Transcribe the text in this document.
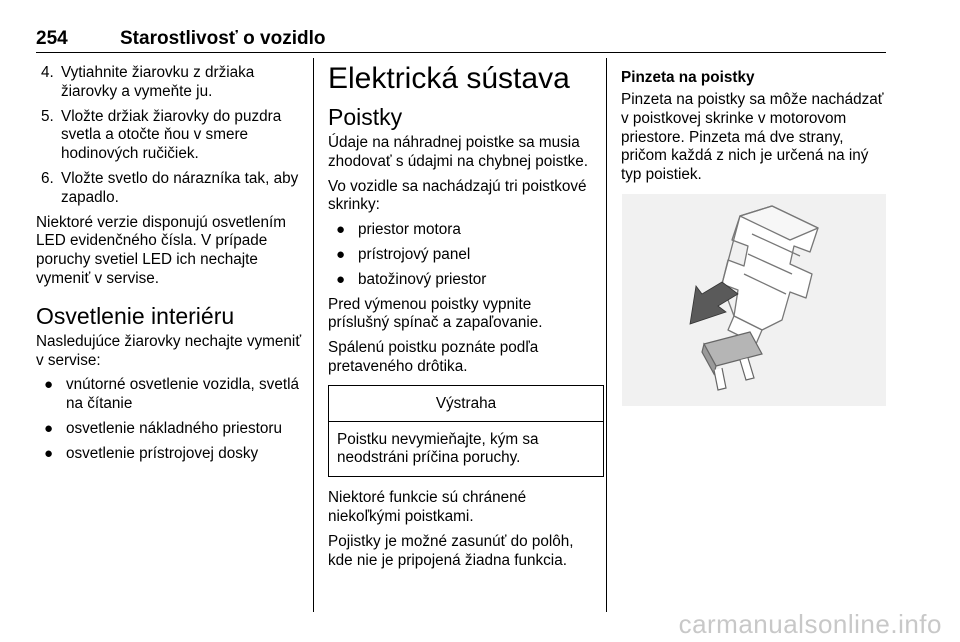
254	Starostlivosť o vozidlo
4. Vytiahnite žiarovku z držiaka žiarovky a vymeňte ju.
5. Vložte držiak žiarovky do puzdra svetla a otočte ňou v smere hodinových ručičiek.
6. Vložte svetlo do nárazníka tak, aby zapadlo.

Niektoré verzie disponujú osvetlením LED evidenčného čísla. V prípade poruchy svetiel LED ich nechajte vymeniť v servise.

Osvetlenie interiéru

Nasledujúce žiarovky nechajte vymeniť v servise:

● vnútorné osvetlenie vozidla, svetlá na čítanie
● osvetlenie nákladného priestoru
● osvetlenie prístrojovej dosky
Elektrická sústava
Poistky

Údaje na náhradnej poistke sa musia zhodovať s údajmi na chybnej poistke.

Vo vozidle sa nachádzajú tri poistkové skrinky:

● priestor motora
● prístrojový panel
● batožinový priestor

Pred výmenou poistky vypnite príslušný spínač a zapaľovanie.

Spálenú poistku poznáte podľa pretaveného drôtika.

Výstraha
Poistku nevymieňajte, kým sa neodstráni príčina poruchy.

Niektoré funkcie sú chránené niekoľkými poistkami.

Pojistky je možné zasunúť do polôh, kde nie je pripojená žiadna funkcia.

Pinzeta na poistky

Pinzeta na poistky sa môže nachádzať v poistkovej skrinke v motorovom priestore. Pinzeta má dve strany, pričom každá z nich je určená na iný typ poistiek.

carmanualsonline.info
